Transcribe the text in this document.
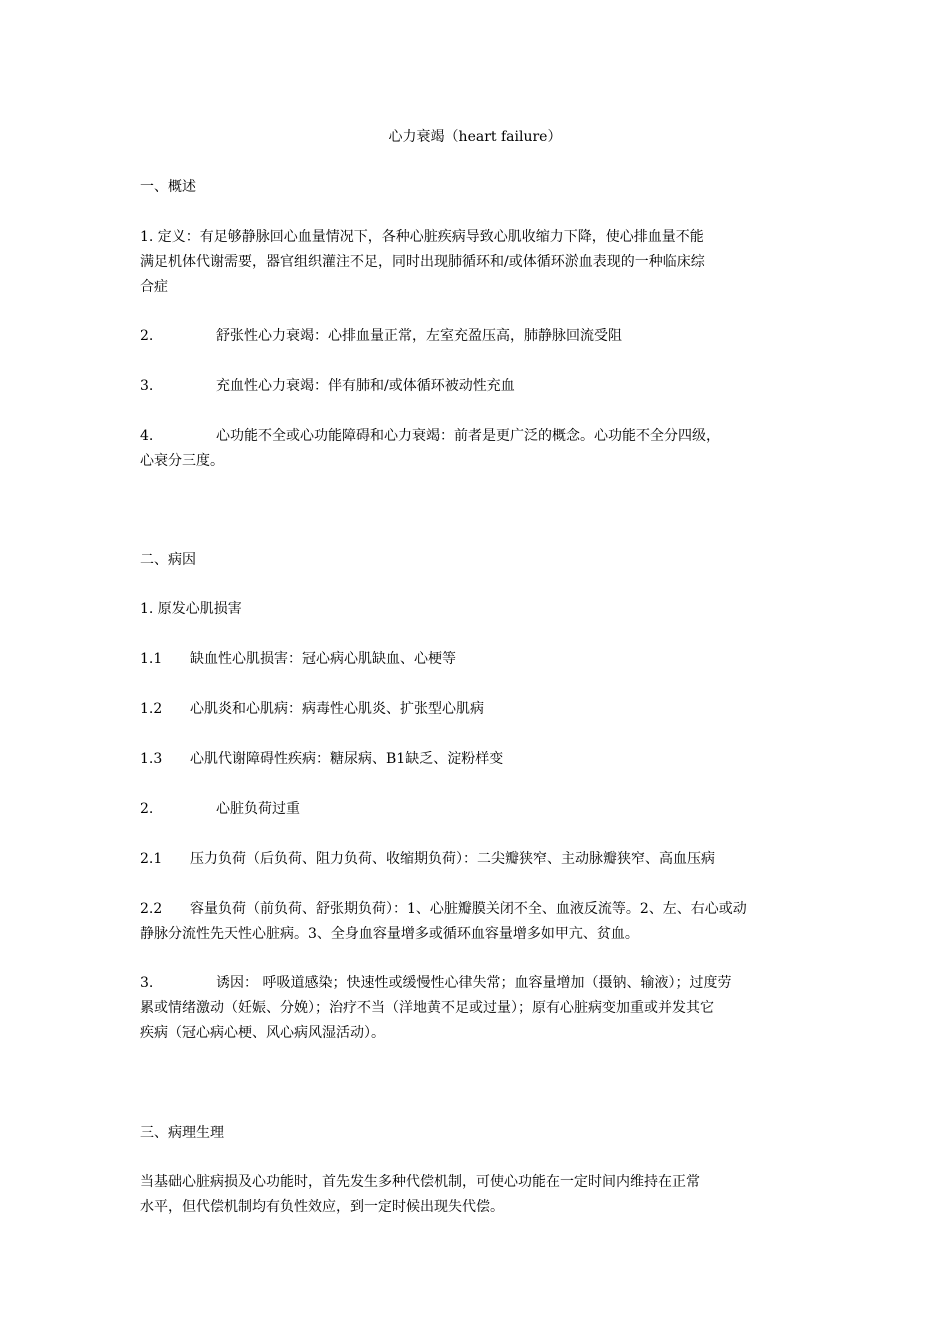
心力衰竭（heart failure）

一、概述

1. 定义：有足够静脉回心血量情况下，各种心脏疾病导致心肌收缩力下降，使心排血量不能
满足机体代谢需要，器官组织灌注不足，同时出现肺循环和/或体循环淤血表现的一种临床综
合症

2.	舒张性心力衰竭：心排血量正常，左室充盈压高，肺静脉回流受阻

3.	充血性心力衰竭：伴有肺和/或体循环被动性充血

4.	心功能不全或心功能障碍和心力衰竭：前者是更广泛的概念。心功能不全分四级，
心衰分三度。

二、病因

1. 原发心肌损害

1.1 缺血性心肌损害：冠心病心肌缺血、心梗等

1.2 心肌炎和心肌病：病毒性心肌炎、扩张型心肌病

1.3 心肌代谢障碍性疾病：糖尿病、B1缺乏、淀粉样变

2.	心脏负荷过重

2.1 压力负荷（后负荷、阻力负荷、收缩期负荷）：二尖瓣狭窄、主动脉瓣狭窄、高血压病

2.2 容量负荷（前负荷、舒张期负荷）：1、心脏瓣膜关闭不全、血液反流等。2、左、右心或动
静脉分流性先天性心脏病。3、全身血容量增多或循环血容量增多如甲亢、贫血。

3.	诱因： 呼吸道感染；快速性或缓慢性心律失常；血容量增加（摄钠、输液）；过度劳
累或情绪激动（妊娠、分娩）；治疗不当（洋地黄不足或过量）；原有心脏病变加重或并发其它
疾病（冠心病心梗、风心病风湿活动）。

三、病理生理

当基础心脏病损及心功能时，首先发生多种代偿机制，可使心功能在一定时间内维持在正常
水平，但代偿机制均有负性效应，到一定时候出现失代偿。
